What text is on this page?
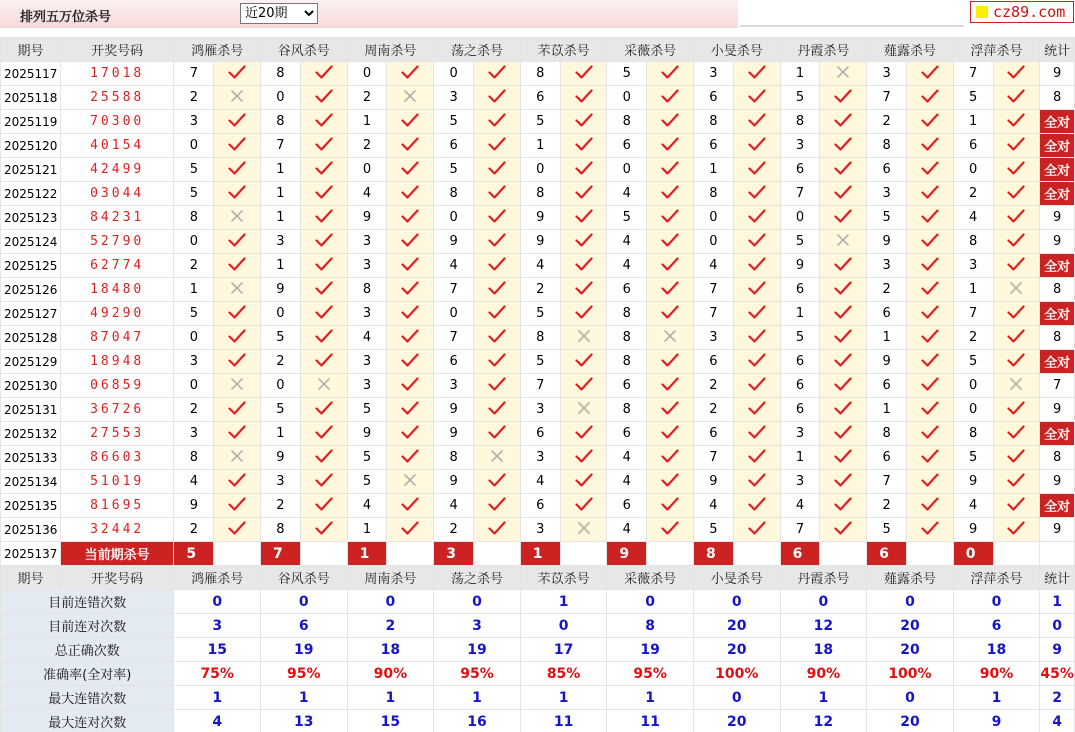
排列五万位杀号
近20期	cz89.com
期号	开奖号码	鸿雁杀号		谷风杀号		周南杀号		荡之杀号		芣苡杀号		采薇杀号		小旻杀号		丹霞杀号		薤露杀号		浮萍杀号		统计
2025117	17018	7		8		0		0		8		5		3		1		3		7		9
2025118	25588	2		0		2		3		6		0		6		5		7		5		8
2025119	70300	3		8		1		5		5		8		8		8		2		1		全对
2025120	40154	0		7		2		6		1		6		6		3		8		6		全对
2025121	42499	5		1		0		5		0		0		1		6		6		0		全对
2025122	03044	5		1		4		8		8		4		8		7		3		2		全对
2025123	84231	8		1		9		0		9		5		0		0		5		4		9
2025124	52790	0		3		3		9		9		4		0		5		9		8		9
2025125	62774	2		1		3		4		4		4		4		9		3		3		全对
2025126	18480	1		9		8		7		2		6		7		6		2		1		8
2025127	49290	5		0		3		0		5		8		7		1		6		7		全对
2025128	87047	0		5		4		7		8		8		3		5		1		2		8
2025129	18948	3		2		3		6		5		8		6		6		9		5		全对
2025130	06859	0		0		3		3		7		6		2		6		6		0		7
2025131	36726	2		5		5		9		3		8		2		6		1		0		9
2025132	27553	3		1		9		9		6		6		6		3		8		8		全对
2025133	86603	8		9		5		8		3		4		7		1		6		5		8
2025134	51019	4		3		5		9		4		4		9		3		7		9		9
2025135	81695	9		2		4		4		6		6		4		4		2		4		全对
2025136	32442	2		8		1		2		3		4		5		7		5		9		9
2025137	当前期杀号	5		7		1		3		1		9		8		6		6		0		
期号	开奖号码	鸿雁杀号		谷风杀号		周南杀号		荡之杀号		芣苡杀号		采薇杀号		小旻杀号		丹霞杀号		薤露杀号		浮萍杀号		统计
目前连错次数		0		0		0		0		1		0		0		0		0		0		1
目前连对次数		3		6		2		3		0		8		20		12		20		6		0
总正确次数		15		19		18		19		17		19		20		18		20		18		9
准确率(全对率)		75%		95%		90%		95%		85%		95%		100%		90%		100%		90%		45%
最大连错次数		1		1		1		1		1		1		0		1		0		1		2
最大连对次数		4		13		15		16		11		11		20		12		20		9		4
